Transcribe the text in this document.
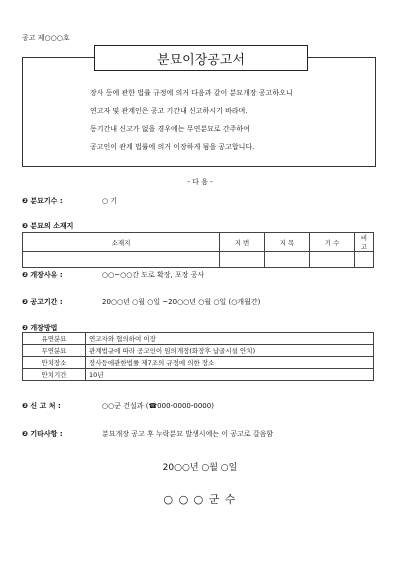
공고 제○○○호
분묘이장공고서
장사 등에 관한 법률 규정에 의거 다음과 같이 분묘개장 공고하오니
연고자 및 관계인은 공고 기간내 신고하시기 바라며.
동기간내 신고가 없을 경우에는 무연분묘로 간주하여
공고인이 관계 법률에 의거 이장하게 됨을 공고합니다.
- 다 음 -
❷ 분묘기수 :	○ 기
❷ 분묘의 소재지
소재지	지 번	지 목	기 수	비 고

❷ 개장사유 :	○○~○○간 도로 확장, 포장 공사
❷ 공고기간 :	20○○년 ○월 ○일 ~20○○년 ○월 ○일 (○개월간)
❷ 개장방법
유연분묘	연고자와 협의하여 이장
무연분묘	관계법규에 따라 공고인이 임의개장(화장후 납골시설 안치)
안치장소	장사등에관한법률 제7조의 규정에 의한 장소
안치기간	10년
❷ 신 고 처 :	○○군 건설과 (☎000-0000-0000)
❷ 기타사항 :	분묘개장 공고 후 누락분묘 발생시에는 이 공고로 갈음함
20○○년 ○월 ○일
○ ○ ○ 군 수
